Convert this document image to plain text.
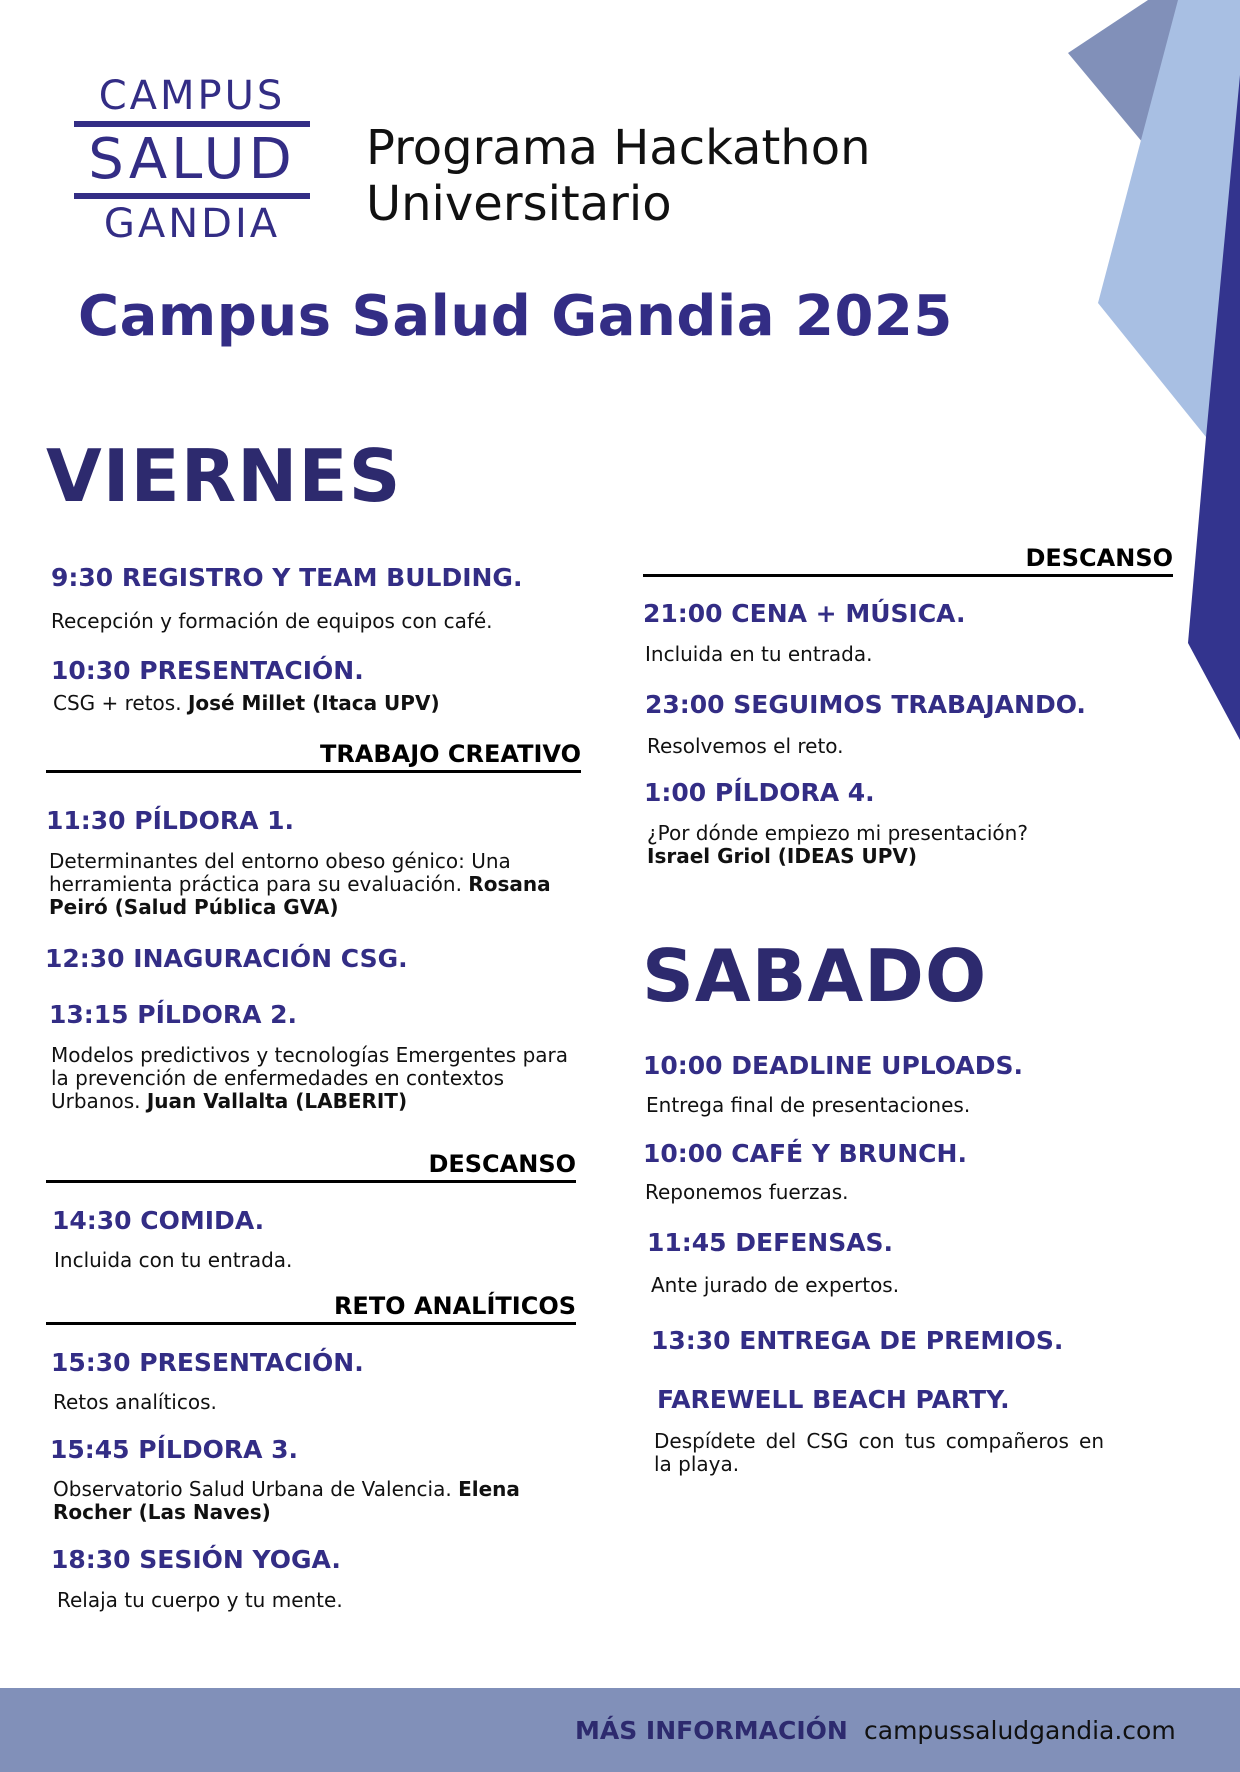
CAMPUS
SALUD
GANDIA
Programa Hackathon
Universitario
Campus Salud Gandia 2025
VIERNES
9:30 REGISTRO Y TEAM BULDING.
Recepción y formación de equipos con café.
10:30 PRESENTACIÓN.
CSG + retos. José Millet (Itaca UPV)
TRABAJO CREATIVO
11:30 PÍLDORA 1.
Determinantes del entorno obeso génico: Una herramienta práctica para su evaluación. Rosana Peiró (Salud Pública GVA)
12:30 INAGURACIÓN CSG.
13:15 PÍLDORA 2.
Modelos predictivos y tecnologías Emergentes para la prevención de enfermedades en contextos Urbanos. Juan Vallalta (LABERIT)
DESCANSO
14:30 COMIDA.
Incluida con tu entrada.
RETO ANALÍTICOS
15:30 PRESENTACIÓN.
Retos analíticos.
15:45 PÍLDORA 3.
Observatorio Salud Urbana de Valencia. Elena Rocher (Las Naves)
18:30 SESIÓN YOGA.
Relaja tu cuerpo y tu mente.
DESCANSO
21:00 CENA + MÚSICA.
Incluida en tu entrada.
23:00 SEGUIMOS TRABAJANDO.
Resolvemos el reto.
1:00 PÍLDORA 4.
¿Por dónde empiezo mi presentación?
Israel Griol (IDEAS UPV)
SABADO
10:00 DEADLINE UPLOADS.
Entrega final de presentaciones.
10:00 CAFÉ Y BRUNCH.
Reponemos fuerzas.
11:45 DEFENSAS.
Ante jurado de expertos.
13:30 ENTREGA DE PREMIOS.
FAREWELL BEACH PARTY.
Despídete del CSG con tus compañeros en la playa.
MÁS INFORMACIÓN campussaludgandia.com
